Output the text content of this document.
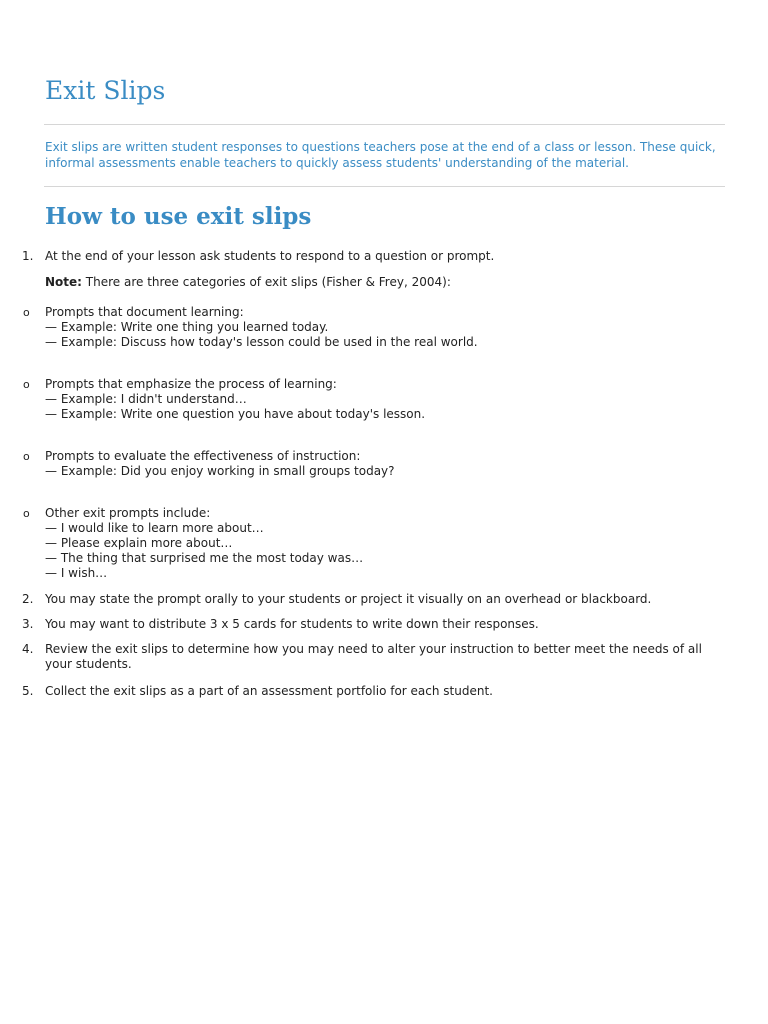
Exit Slips

Exit slips are written student responses to questions teachers pose at the end of a class or lesson. These quick, informal assessments enable teachers to quickly assess students' understanding of the material.

How to use exit slips
1. At the end of your lesson ask students to respond to a question or prompt.
Note: There are three categories of exit slips (Fisher & Frey, 2004):
o Prompts that document learning:
— Example: Write one thing you learned today.
— Example: Discuss how today's lesson could be used in the real world.
o Prompts that emphasize the process of learning:
— Example: I didn't understand…
— Example: Write one question you have about today's lesson.
o Prompts to evaluate the effectiveness of instruction:
— Example: Did you enjoy working in small groups today?
o Other exit prompts include:
— I would like to learn more about…
— Please explain more about…
— The thing that surprised me the most today was…
— I wish…
2. You may state the prompt orally to your students or project it visually on an overhead or blackboard.
3. You may want to distribute 3 x 5 cards for students to write down their responses.
4. Review the exit slips to determine how you may need to alter your instruction to better meet the needs of all
your students.
5. Collect the exit slips as a part of an assessment portfolio for each student.
